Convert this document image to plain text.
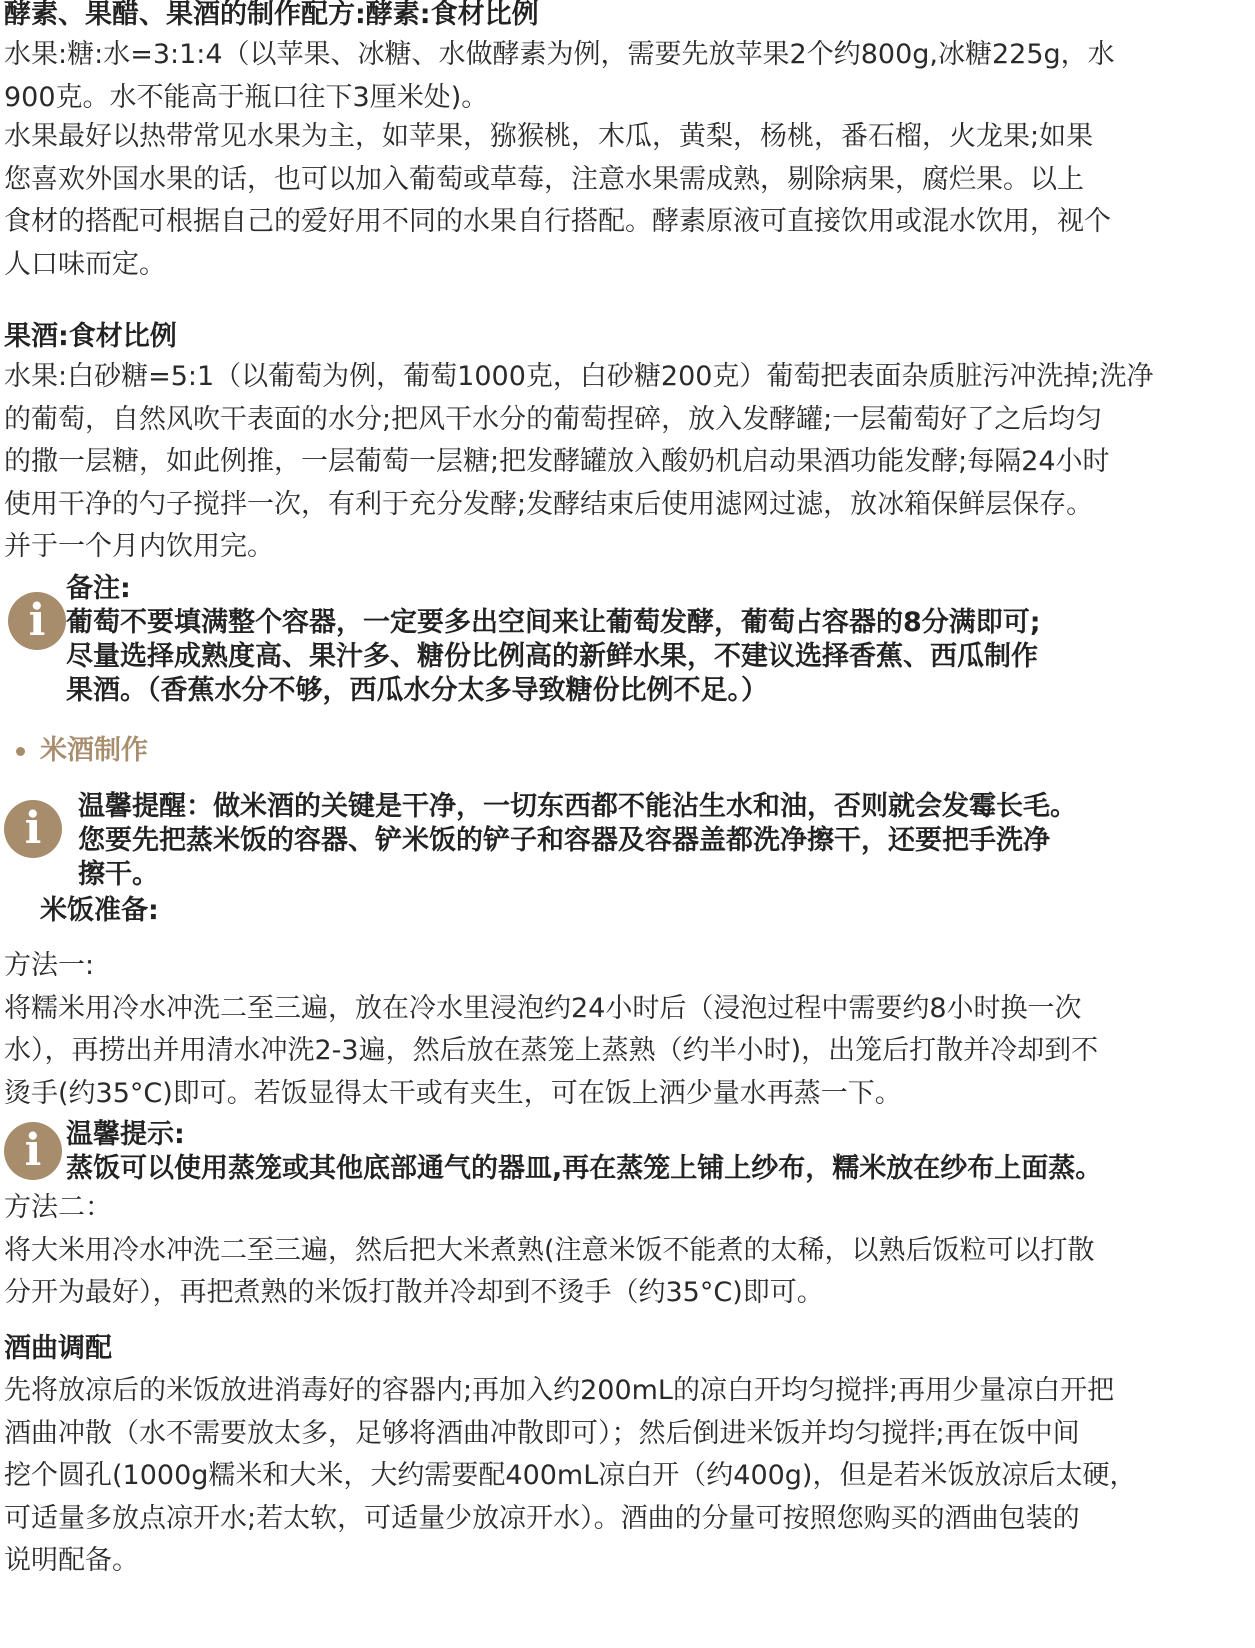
酵素、果醋、果酒的制作配方:酵素:食材比例
水果:糖:水=3:1:4（以苹果、冰糖、水做酵素为例，需要先放苹果2个约800g,冰糖225g，水
900克。水不能高于瓶口往下3厘米处)。
水果最好以热带常见水果为主，如苹果，猕猴桃，木瓜，黄梨，杨桃，番石榴，火龙果;如果
您喜欢外国水果的话，也可以加入葡萄或草莓，注意水果需成熟，剔除病果，腐烂果。以上
食材的搭配可根据自己的爱好用不同的水果自行搭配。酵素原液可直接饮用或混水饮用，视个
人口味而定。
果酒:食材比例
水果:白砂糖=5:1（以葡萄为例，葡萄1000克，白砂糖200克）葡萄把表面杂质脏污冲洗掉;洗净
的葡萄，自然风吹干表面的水分;把风干水分的葡萄捏碎，放入发酵罐;一层葡萄好了之后均匀
的撒一层糖，如此例推，一层葡萄一层糖;把发酵罐放入酸奶机启动果酒功能发酵;每隔24小时
使用干净的勺子搅拌一次，有利于充分发酵;发酵结束后使用滤网过滤，放冰箱保鲜层保存。
并于一个月内饮用完。
i
备注:
葡萄不要填满整个容器，一定要多出空间来让葡萄发酵，葡萄占容器的8分满即可;
尽量选择成熟度高、果汁多、糖份比例高的新鲜水果，不建议选择香蕉、西瓜制作
果酒。（香蕉水分不够，西瓜水分太多导致糖份比例不足。）
米酒制作
i	温馨提醒：做米酒的关键是干净，一切东西都不能沾生水和油，否则就会发霉长毛。
您要先把蒸米饭的容器、铲米饭的铲子和容器及容器盖都洗净擦干，还要把手洗净
擦干。
米饭准备:
方法一:
将糯米用冷水冲洗二至三遍，放在冷水里浸泡约24小时后（浸泡过程中需要约8小时换一次
水），再捞出并用清水冲洗2-3遍，然后放在蒸笼上蒸熟（约半小时)，出笼后打散并冷却到不
烫手(约35°C)即可。若饭显得太干或有夹生，可在饭上洒少量水再蒸一下。
i 温馨提示:
蒸饭可以使用蒸笼或其他底部通气的器皿,再在蒸笼上铺上纱布，糯米放在纱布上面蒸。
方法二：
将大米用冷水冲洗二至三遍，然后把大米煮熟(注意米饭不能煮的太稀，以熟后饭粒可以打散
分开为最好），再把煮熟的米饭打散并冷却到不烫手（约35°C)即可。
酒曲调配
先将放凉后的米饭放进消毒好的容器内;再加入约200mL的凉白开均匀搅拌;再用少量凉白开把
酒曲冲散（水不需要放太多，足够将酒曲冲散即可）；然后倒进米饭并均匀搅拌;再在饭中间
挖个圆孔(1000g糯米和大米，大约需要配400mL凉白开（约400g)，但是若米饭放凉后太硬，
可适量多放点凉开水;若太软，可适量少放凉开水）。酒曲的分量可按照您购买的酒曲包装的
说明配备。
